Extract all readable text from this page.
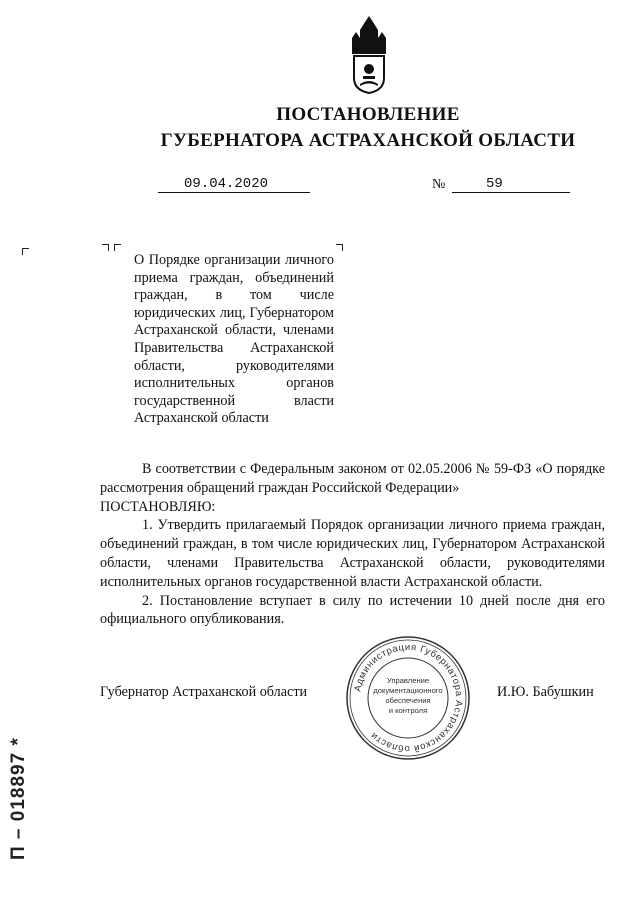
ПОСТАНОВЛЕНИЕ
ГУБЕРНАТОРА АСТРАХАНСКОЙ ОБЛАСТИ
09.04.2020	№	59
О Порядке организации личного приема граждан, объединений граждан, в том числе юридических лиц, Губернатором Астраханской области, членами Правительства Астраханской области, руководителями исполнительных органов государственной власти Астраханской области

В соответствии с Федеральным законом от 02.05.2006 № 59-ФЗ «О порядке рассмотрения обращений граждан Российской Федерации»

ПОСТАНОВЛЯЮ:

1. Утвердить прилагаемый Порядок организации личного приема граждан, объединений граждан, в том числе юридических лиц, Губернатором Астраханской области, членами Правительства Астраханской области, руководителями исполнительных органов государственной власти Астраханской области.

2. Постановление вступает в силу по истечении 10 дней после дня его официального опубликования.

Губернатор Астраханской области	Администрация Губернатора Астраханской области
Управление
документационного
обеспечения
и контроля
И.Ю. Бабушкин
П – 018897 *
